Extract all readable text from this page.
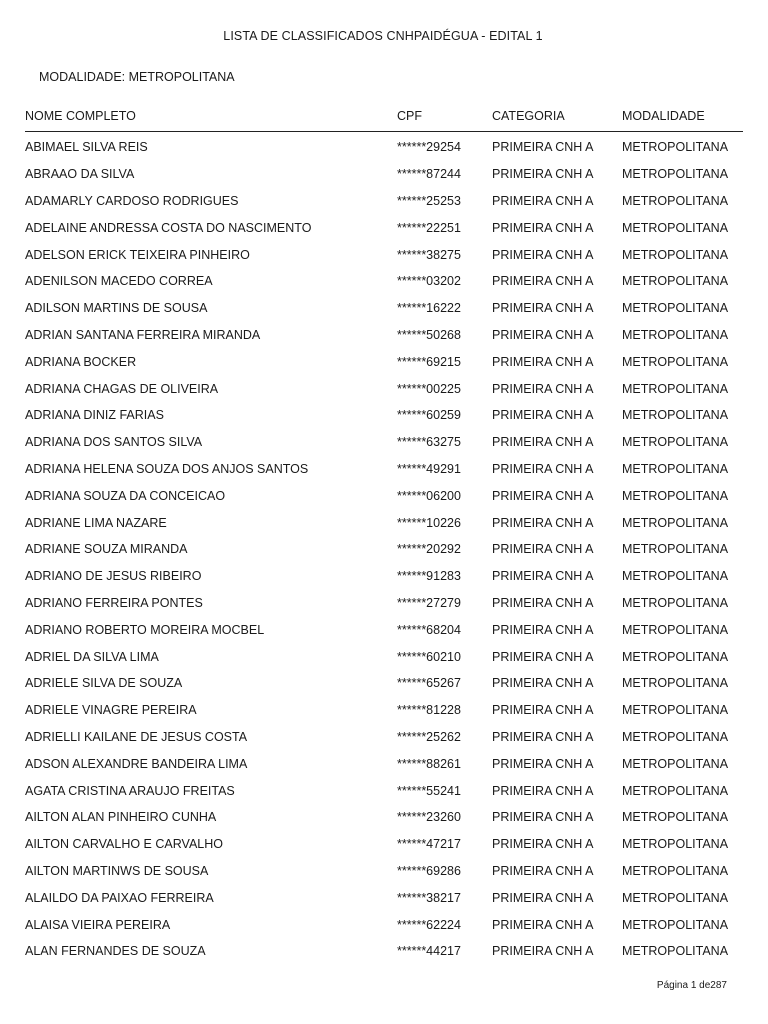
LISTA DE CLASSIFICADOS CNHPAIDÉGUA - EDITAL 1
MODALIDADE: METROPOLITANA
NOME COMPLETO	CPF	CATEGORIA	MODALIDADE
ABIMAEL SILVA REIS	******29254	PRIMEIRA CNH A	METROPOLITANA
ABRAAO DA SILVA	******87244	PRIMEIRA CNH A	METROPOLITANA
ADAMARLY CARDOSO RODRIGUES	******25253	PRIMEIRA CNH A	METROPOLITANA
ADELAINE ANDRESSA COSTA DO NASCIMENTO	******22251	PRIMEIRA CNH A	METROPOLITANA
ADELSON ERICK TEIXEIRA PINHEIRO	******38275	PRIMEIRA CNH A	METROPOLITANA
ADENILSON MACEDO CORREA	******03202	PRIMEIRA CNH A	METROPOLITANA
ADILSON MARTINS DE SOUSA	******16222	PRIMEIRA CNH A	METROPOLITANA
ADRIAN SANTANA FERREIRA MIRANDA	******50268	PRIMEIRA CNH A	METROPOLITANA
ADRIANA BOCKER	******69215	PRIMEIRA CNH A	METROPOLITANA
ADRIANA CHAGAS DE OLIVEIRA	******00225	PRIMEIRA CNH A	METROPOLITANA
ADRIANA DINIZ FARIAS	******60259	PRIMEIRA CNH A	METROPOLITANA
ADRIANA DOS SANTOS SILVA	******63275	PRIMEIRA CNH A	METROPOLITANA
ADRIANA HELENA SOUZA DOS ANJOS SANTOS	******49291	PRIMEIRA CNH A	METROPOLITANA
ADRIANA SOUZA DA CONCEICAO	******06200	PRIMEIRA CNH A	METROPOLITANA
ADRIANE LIMA NAZARE	******10226	PRIMEIRA CNH A	METROPOLITANA
ADRIANE SOUZA MIRANDA	******20292	PRIMEIRA CNH A	METROPOLITANA
ADRIANO DE JESUS RIBEIRO	******91283	PRIMEIRA CNH A	METROPOLITANA
ADRIANO FERREIRA PONTES	******27279	PRIMEIRA CNH A	METROPOLITANA
ADRIANO ROBERTO MOREIRA MOCBEL	******68204	PRIMEIRA CNH A	METROPOLITANA
ADRIEL DA SILVA LIMA	******60210	PRIMEIRA CNH A	METROPOLITANA
ADRIELE SILVA DE SOUZA	******65267	PRIMEIRA CNH A	METROPOLITANA
ADRIELE VINAGRE PEREIRA	******81228	PRIMEIRA CNH A	METROPOLITANA
ADRIELLI KAILANE DE JESUS COSTA	******25262	PRIMEIRA CNH A	METROPOLITANA
ADSON ALEXANDRE BANDEIRA LIMA	******88261	PRIMEIRA CNH A	METROPOLITANA
AGATA CRISTINA ARAUJO FREITAS	******55241	PRIMEIRA CNH A	METROPOLITANA
AILTON ALAN PINHEIRO CUNHA	******23260	PRIMEIRA CNH A	METROPOLITANA
AILTON CARVALHO E CARVALHO	******47217	PRIMEIRA CNH A	METROPOLITANA
AILTON MARTINWS DE SOUSA	******69286	PRIMEIRA CNH A	METROPOLITANA
ALAILDO DA PAIXAO FERREIRA	******38217	PRIMEIRA CNH A	METROPOLITANA
ALAISA VIEIRA PEREIRA	******62224	PRIMEIRA CNH A	METROPOLITANA
ALAN FERNANDES DE SOUZA	******44217	PRIMEIRA CNH A	METROPOLITANA
Página 1 de287
